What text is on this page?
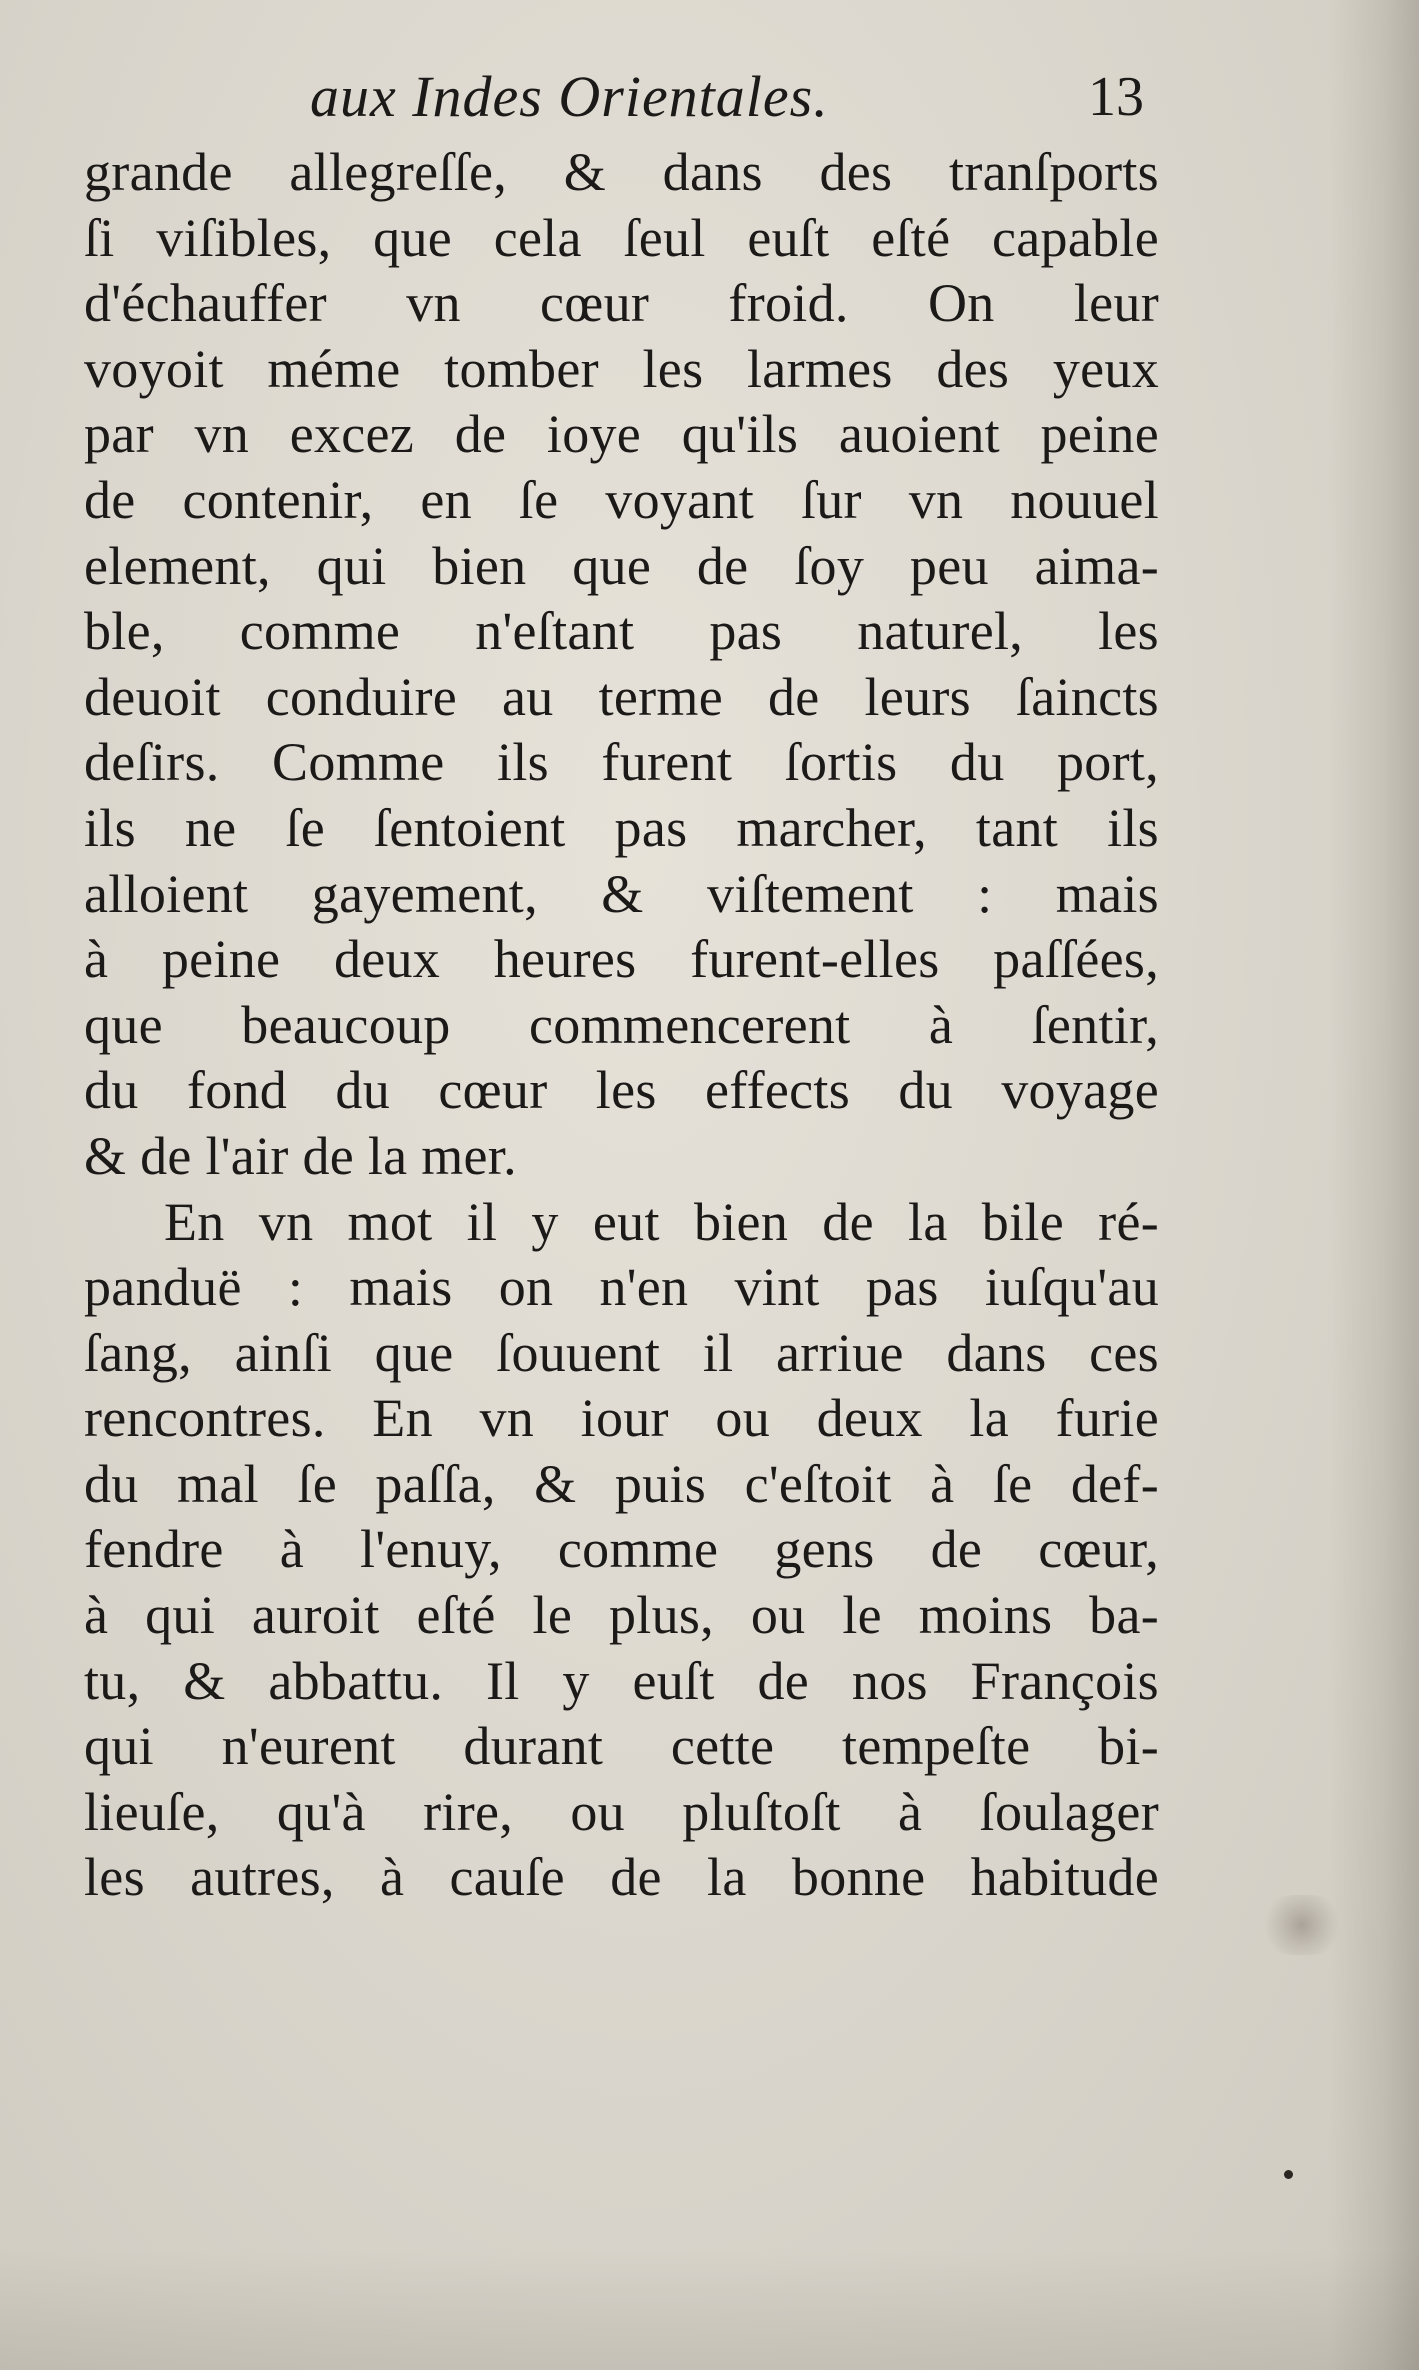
aux Indes Orientales.	13
grande allegreſſe, & dans des tranſports
ſi viſibles, que cela ſeul euſt eſté capable
d'échauffer vn cœur froid. On leur
voyoit méme tomber les larmes des yeux
par vn excez de ioye qu'ils auoient peine
de contenir, en ſe voyant ſur vn nouuel
element, qui bien que de ſoy peu aima-
ble, comme n'eſtant pas naturel, les
deuoit conduire au terme de leurs ſaincts
deſirs. Comme ils furent ſortis du port,
ils ne ſe ſentoient pas marcher, tant ils
alloient gayement, & viſtement : mais
à peine deux heures furent-elles paſſées,
que beaucoup commencerent à ſentir,
du fond du cœur les effects du voyage
& de l'air de la mer.
En vn mot il y eut bien de la bile ré-
panduë : mais on n'en vint pas iuſqu'au
ſang, ainſi que ſouuent il arriue dans ces
rencontres. En vn iour ou deux la furie
du mal ſe paſſa, & puis c'eſtoit à ſe def-
fendre à l'enuy, comme gens de cœur,
à qui auroit eſté le plus, ou le moins ba-
tu, & abbattu. Il y euſt de nos François
qui n'eurent durant cette tempeſte bi-
lieuſe, qu'à rire, ou pluſtoſt à ſoulager
les autres, à cauſe de la bonne habitude
